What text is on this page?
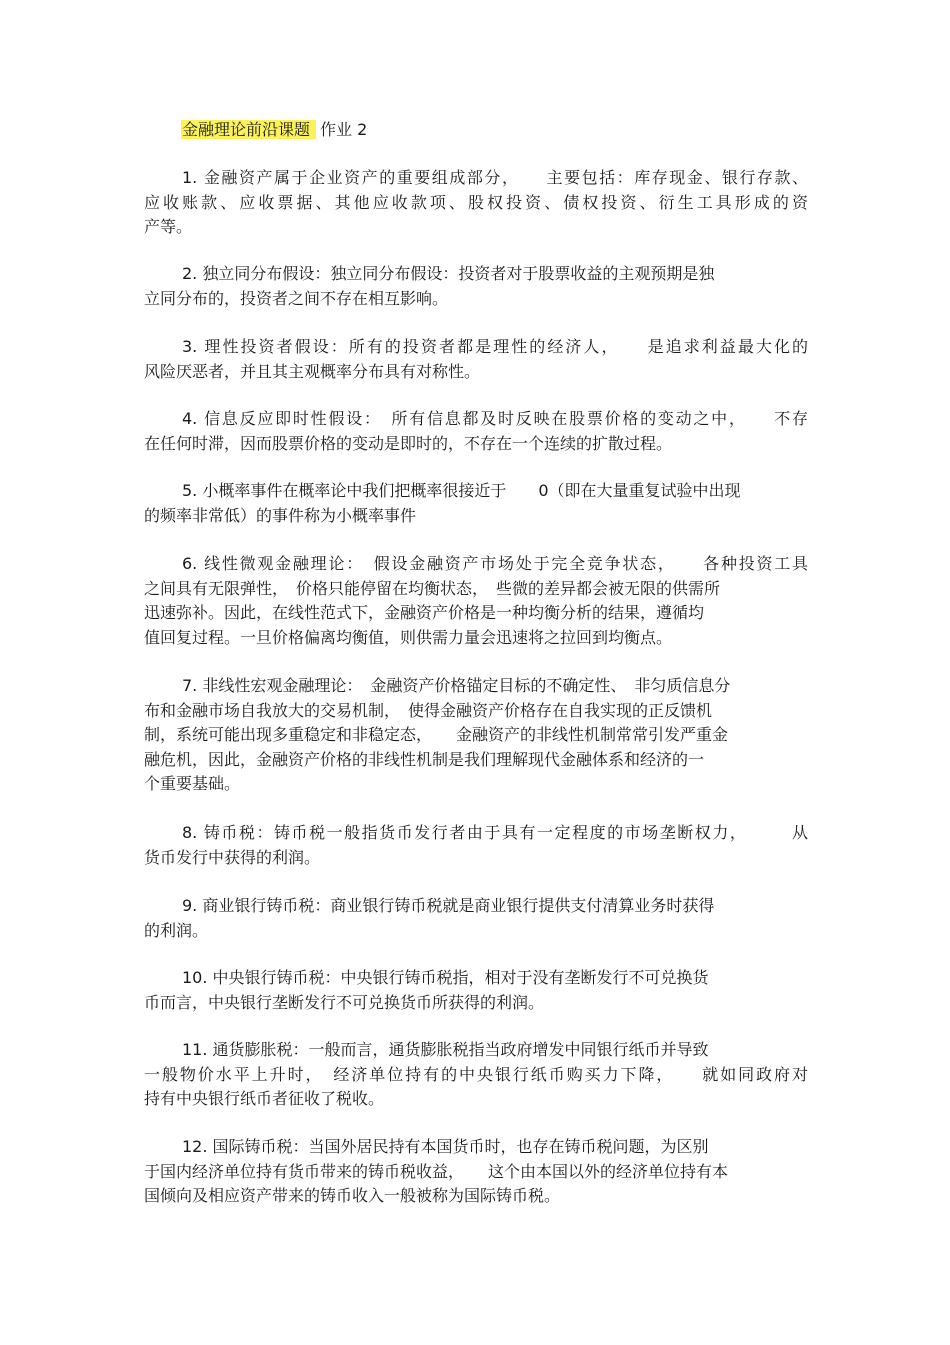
金融理论前沿课题 作业 2
1. 金融资产属于企业资产的重要组成部分，　　主要包括：库存现金、银行存款、
应收账款、应收票据、其他应收款项、股权投资、债权投资、衍生工具形成的资
产等。
2. 独立同分布假设：独立同分布假设：投资者对于股票收益的主观预期是独
立同分布的，投资者之间不存在相互影响。
3. 理性投资者假设：所有的投资者都是理性的经济人，　　是追求利益最大化的
风险厌恶者，并且其主观概率分布具有对称性。
4. 信息反应即时性假设：　所有信息都及时反映在股票价格的变动之中，　　不存
在任何时滞，因而股票价格的变动是即时的，不存在一个连续的扩散过程。
5. 小概率事件在概率论中我们把概率很接近于　　0（即在大量重复试验中出现
的频率非常低）的事件称为小概率事件
6. 线性微观金融理论：　假设金融资产市场处于完全竞争状态，　　各种投资工具
之间具有无限弹性，　价格只能停留在均衡状态，　些微的差异都会被无限的供需所
迅速弥补。因此，在线性范式下，金融资产价格是一种均衡分析的结果，遵循均
值回复过程。一旦价格偏离均衡值，则供需力量会迅速将之拉回到均衡点。
7. 非线性宏观金融理论：　金融资产价格锚定目标的不确定性、　非匀质信息分
布和金融市场自我放大的交易机制，　使得金融资产价格存在自我实现的正反馈机
制，系统可能出现多重稳定和非稳定态，　　金融资产的非线性机制常常引发严重金
融危机，因此，金融资产价格的非线性机制是我们理解现代金融体系和经济的一
个重要基础。
8. 铸币税：铸币税一般指货币发行者由于具有一定程度的市场垄断权力，　　　从
货币发行中获得的利润。
9. 商业银行铸币税：商业银行铸币税就是商业银行提供支付清算业务时获得
的利润。
10. 中央银行铸币税：中央银行铸币税指，相对于没有垄断发行不可兑换货
币而言，中央银行垄断发行不可兑换货币所获得的利润。
11. 通货膨胀税：一般而言，通货膨胀税指当政府增发中同银行纸币并导致
一般物价水平上升时，　经济单位持有的中央银行纸币购买力下降，　　就如同政府对
持有中央银行纸币者征收了税收。
12. 国际铸币税：当国外居民持有本国货币时，也存在铸币税问题，为区别
于国内经济单位持有货币带来的铸币税收益，　　这个由本国以外的经济单位持有本
国倾向及相应资产带来的铸币收入一般被称为国际铸币税。
